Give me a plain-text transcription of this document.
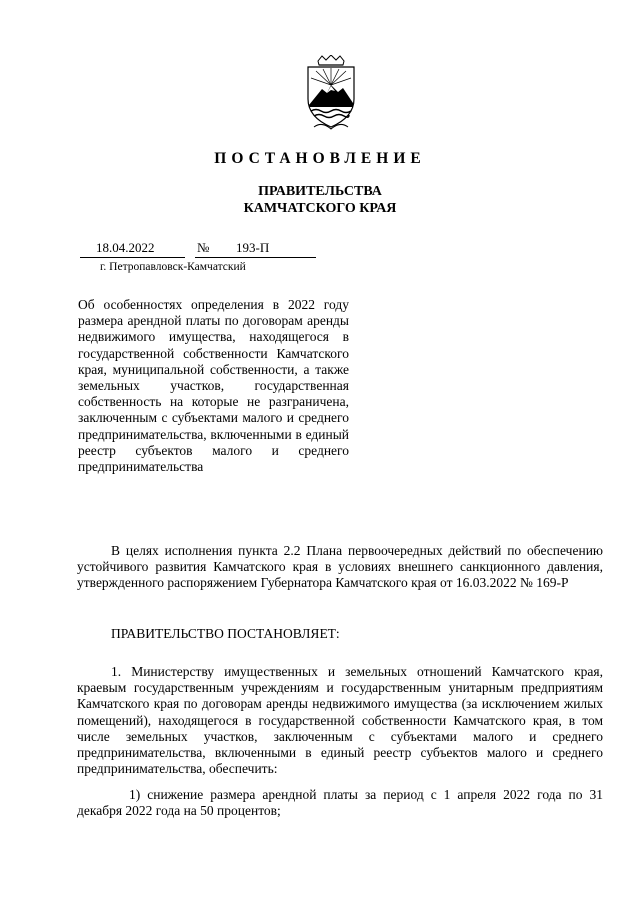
ПОСТАНОВЛЕНИЕ
ПРАВИТЕЛЬСТВА
КАМЧАТСКОГО КРАЯ
18.04.2022	№ 193-П
г. Петропавловск-Камчатский
Об особенностях определения в 2022 году размера арендной платы по договорам аренды недвижимого имущества, находящегося в государственной собственности Камчатского края, муниципальной собственности, а также земельных участков, государственная собственность на которые не разграничена, заключенным с субъектами малого и среднего предпринимательства, включенными в единый реестр субъектов малого и среднего предпринимательства
В целях исполнения пункта 2.2 Плана первоочередных действий по обеспечению устойчивого развития Камчатского края в условиях внешнего санкционного давления, утвержденного распоряжением Губернатора Камчатского края от 16.03.2022 № 169-Р
ПРАВИТЕЛЬСТВО ПОСТАНОВЛЯЕТ:
1. Министерству имущественных и земельных отношений Камчатского края, краевым государственным учреждениям и государственным унитарным предприятиям Камчатского края по договорам аренды недвижимого имущества (за исключением жилых помещений), находящегося в государственной собственности Камчатского края, в том числе земельных участков, заключенным с субъектами малого и среднего предпринимательства, включенными в единый реестр субъектов малого и среднего предпринимательства, обеспечить:
1) снижение размера арендной платы за период с 1 апреля 2022 года по 31 декабря 2022 года на 50 процентов;
